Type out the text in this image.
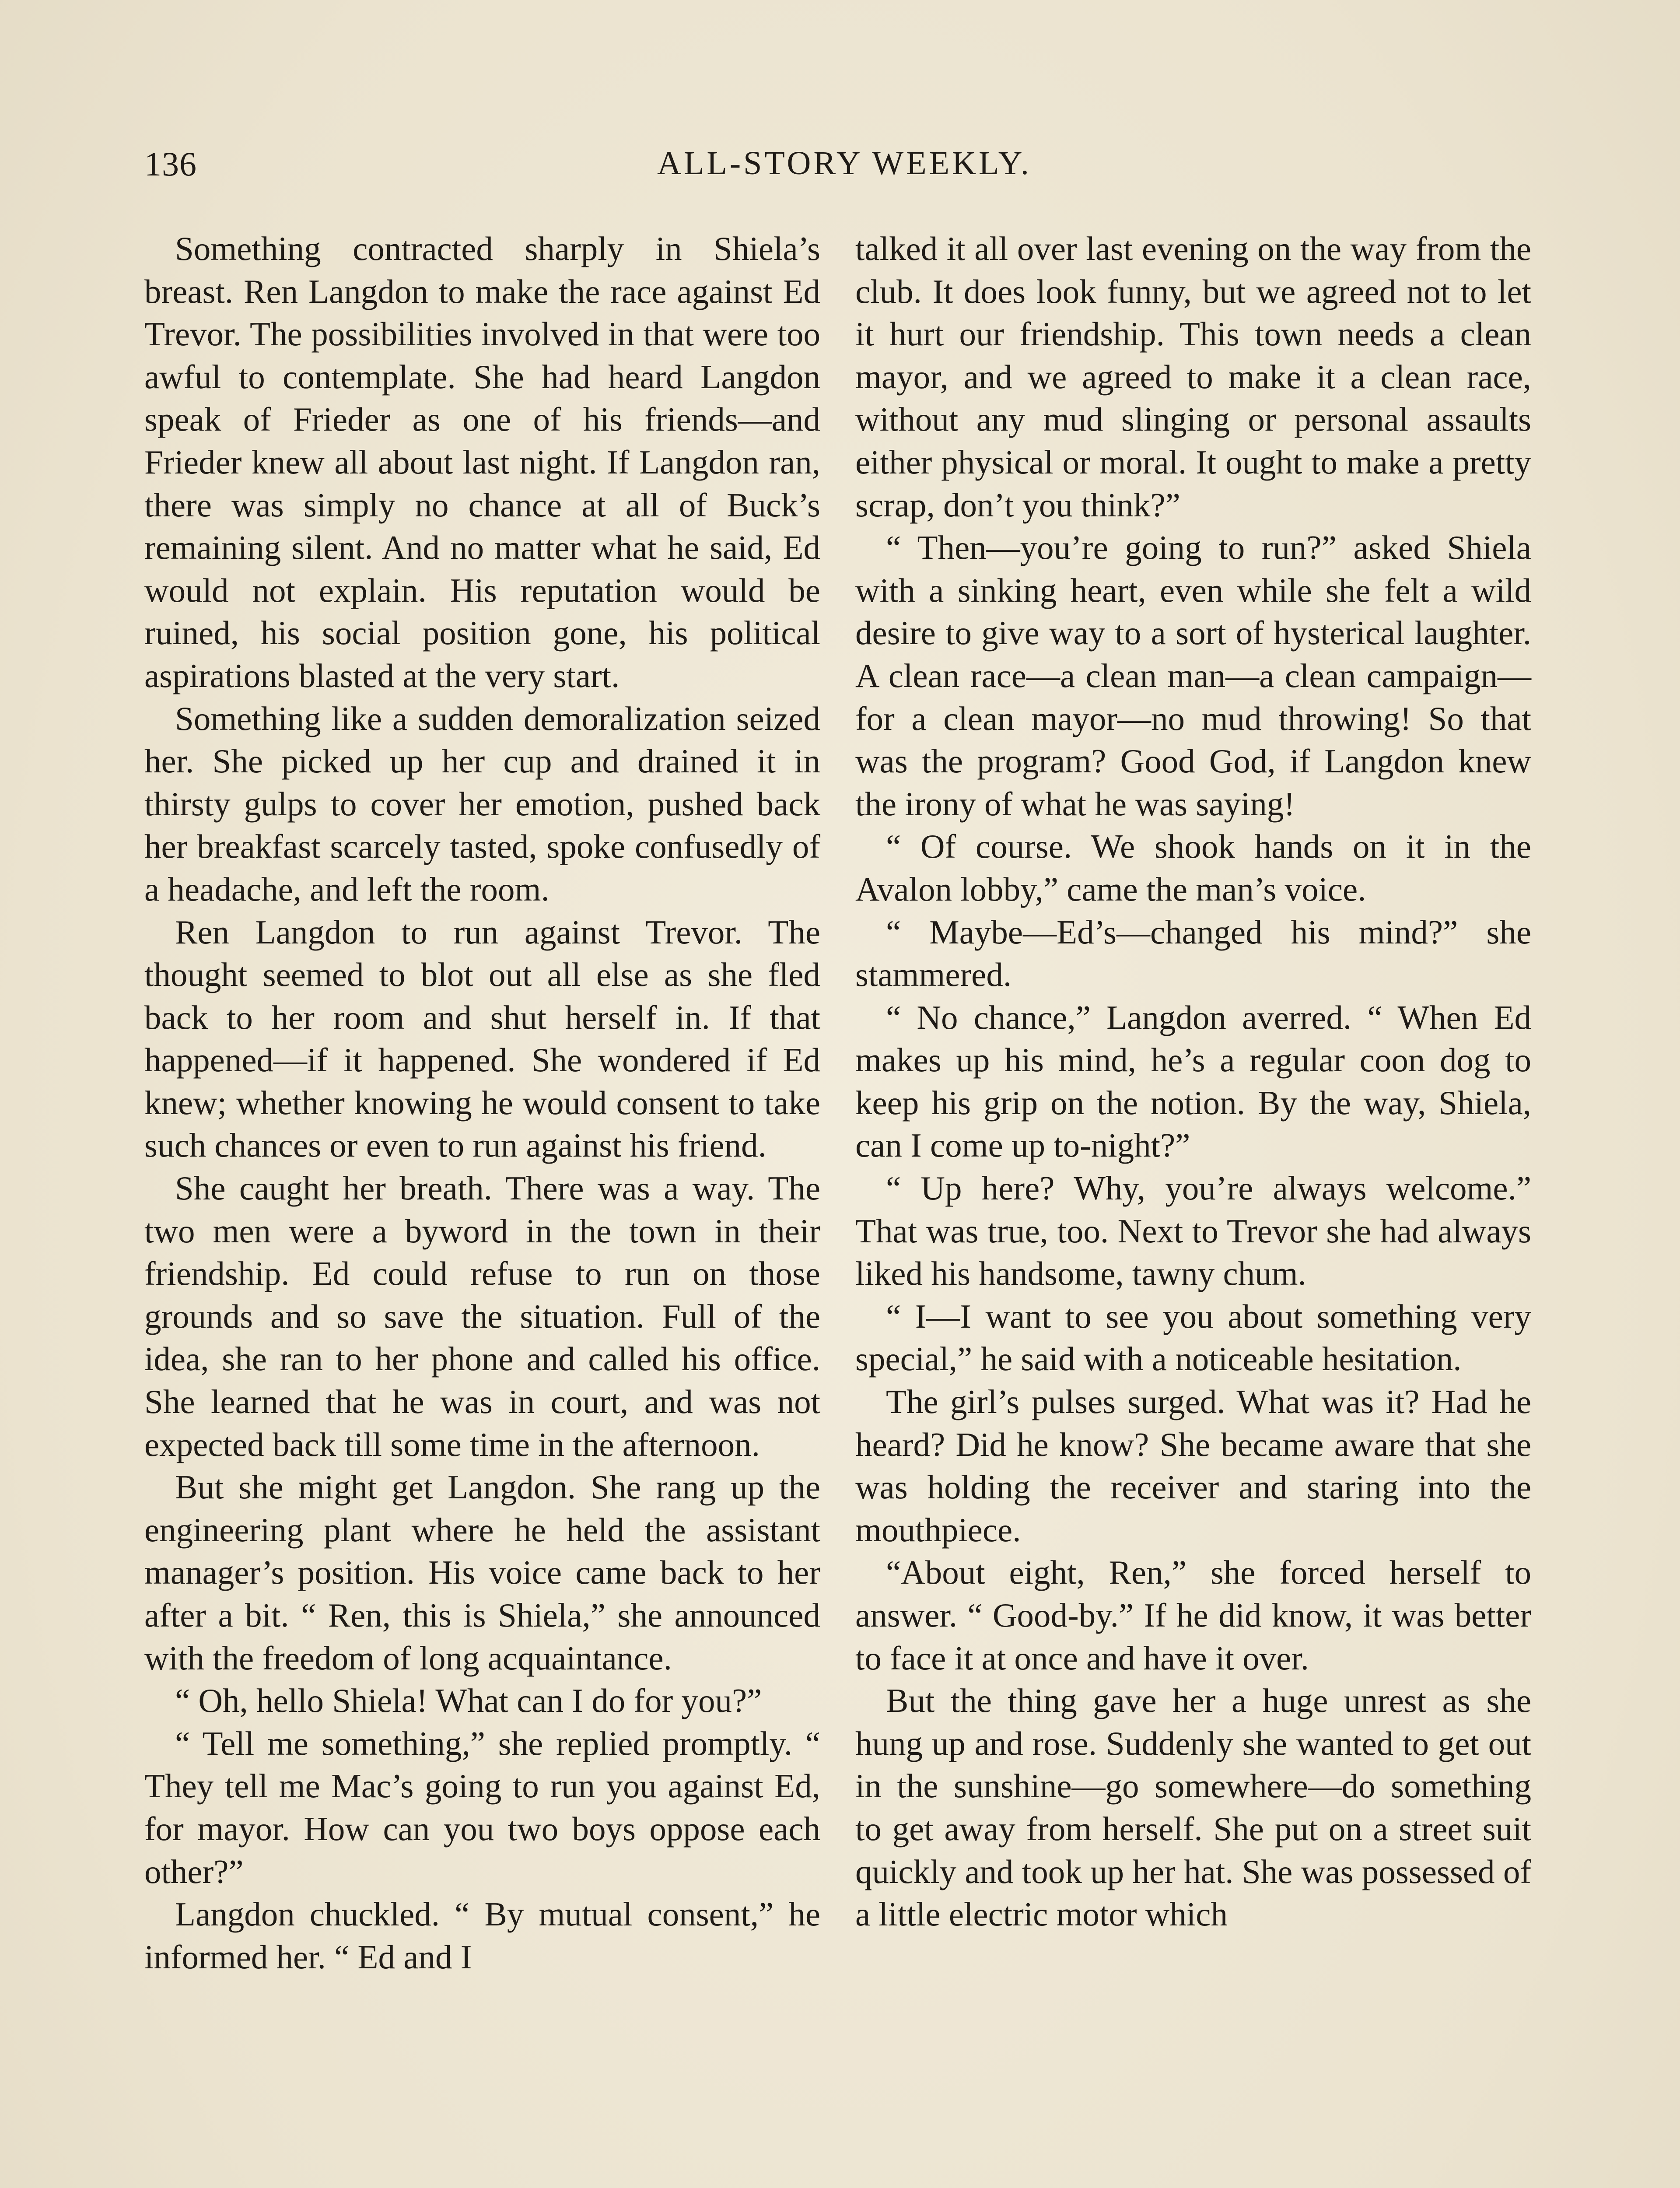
136	ALL-STORY WEEKLY.

Something contracted sharply in Shiela’s breast. Ren Langdon to make the race against Ed Trevor. The possibilities involved in that were too awful to contemplate. She had heard Langdon speak of Frieder as one of his friends—and Frieder knew all about last night. If Langdon ran, there was simply no chance at all of Buck’s remaining silent. And no matter what he said, Ed would not explain. His reputation would be ruined, his social position gone, his political aspirations blasted at the very start.

Something like a sudden demoralization seized her. She picked up her cup and drained it in thirsty gulps to cover her emotion, pushed back her breakfast scarcely tasted, spoke confusedly of a headache, and left the room.

Ren Langdon to run against Trevor. The thought seemed to blot out all else as she fled back to her room and shut herself in. If that happened—if it happened. She wondered if Ed knew; whether knowing he would consent to take such chances or even to run against his friend.

She caught her breath. There was a way. The two men were a byword in the town in their friendship. Ed could refuse to run on those grounds and so save the situation. Full of the idea, she ran to her phone and called his office. She learned that he was in court, and was not expected back till some time in the afternoon.

But she might get Langdon. She rang up the engineering plant where he held the assistant manager’s position. His voice came back to her after a bit. “ Ren, this is Shiela,” she announced with the freedom of long acquaintance.

“ Oh, hello Shiela! What can I do for you?”

“ Tell me something,” she replied promptly. “ They tell me Mac’s going to run you against Ed, for mayor. How can you two boys oppose each other?”

Langdon chuckled. “ By mutual consent,” he informed her. “ Ed and I

talked it all over last evening on the way from the club. It does look funny, but we agreed not to let it hurt our friendship. This town needs a clean mayor, and we agreed to make it a clean race, without any mud slinging or personal assaults either physical or moral. It ought to make a pretty scrap, don’t you think?”

“ Then—you’re going to run?” asked Shiela with a sinking heart, even while she felt a wild desire to give way to a sort of hysterical laughter. A clean race—a clean man—a clean campaign—for a clean mayor—no mud throwing! So that was the program? Good God, if Langdon knew the irony of what he was saying!

“ Of course. We shook hands on it in the Avalon lobby,” came the man’s voice.

“ Maybe—Ed’s—changed his mind?” she stammered.

“ No chance,” Langdon averred. “ When Ed makes up his mind, he’s a regular coon dog to keep his grip on the notion. By the way, Shiela, can I come up to-night?”

“ Up here? Why, you’re always welcome.” That was true, too. Next to Trevor she had always liked his handsome, tawny chum.

“ I—I want to see you about something very special,” he said with a noticeable hesitation.

The girl’s pulses surged. What was it? Had he heard? Did he know? She became aware that she was holding the receiver and staring into the mouthpiece.

“About eight, Ren,” she forced herself to answer. “ Good-by.” If he did know, it was better to face it at once and have it over.

But the thing gave her a huge unrest as she hung up and rose. Suddenly she wanted to get out in the sunshine—go somewhere—do something to get away from herself. She put on a street suit quickly and took up her hat. She was possessed of a little electric motor which
